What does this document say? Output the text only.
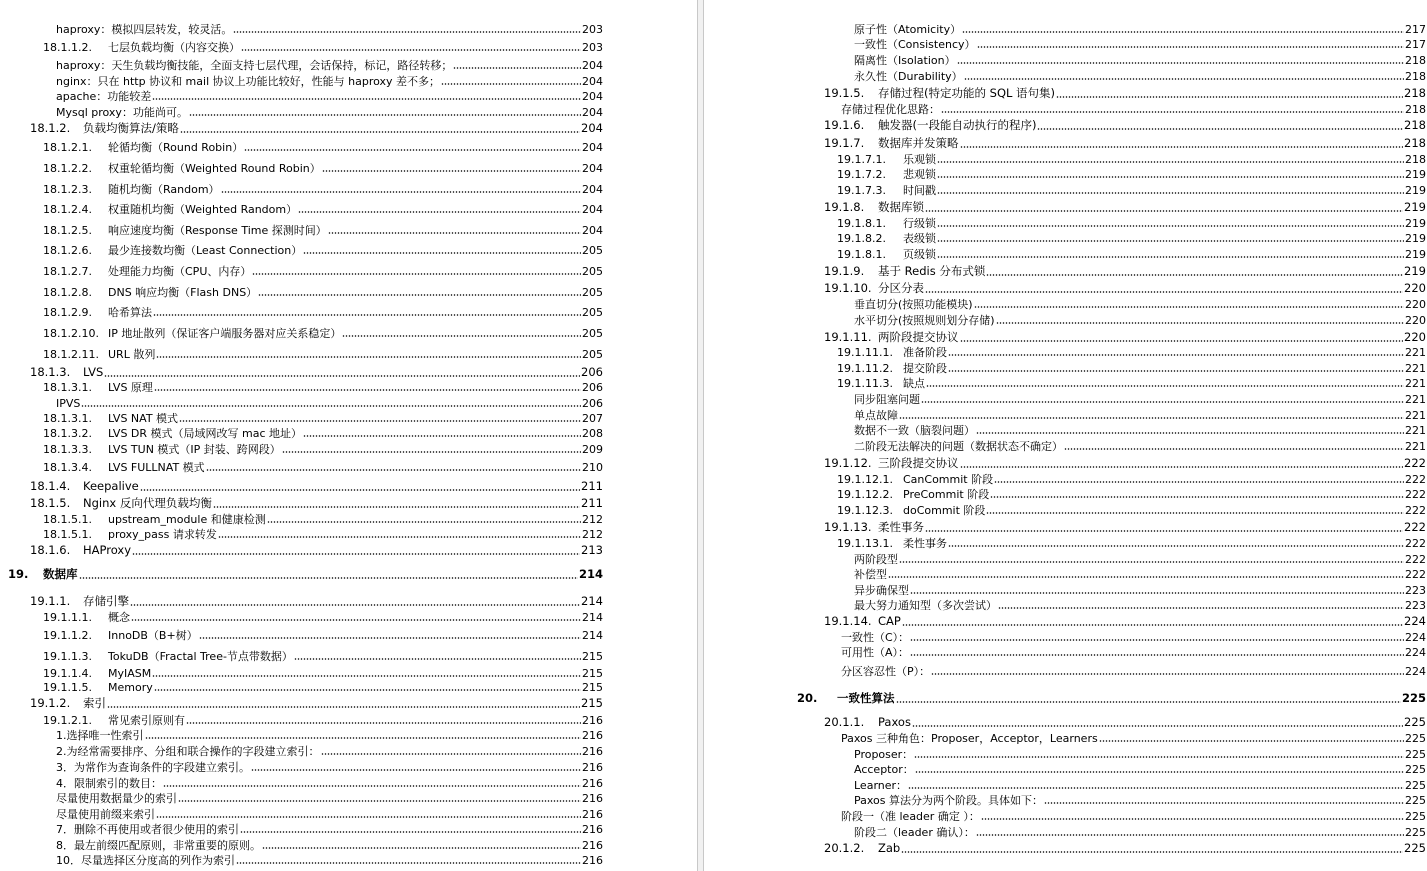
haproxy：模拟四层转发，较灵活。	203
18.1.1.2.	七层负载均衡（内容交换）	203
haproxy：天生负载均衡技能，全面支持七层代理，会话保持，标记，路径转移；	204
nginx：只在 http 协议和 mail 协议上功能比较好，性能与 haproxy 差不多；	204
apache：功能较差	204
Mysql proxy：功能尚可。	204
18.1.2.	负载均衡算法/策略	204
18.1.2.1.	轮循均衡（Round Robin）	204
18.1.2.2.	权重轮循均衡（Weighted Round Robin）	204
18.1.2.3.	随机均衡（Random）	204
18.1.2.4.	权重随机均衡（Weighted Random）	204
18.1.2.5.	响应速度均衡（Response Time 探测时间）	204
18.1.2.6.	最少连接数均衡（Least Connection）	205
18.1.2.7.	处理能力均衡（CPU、内存）	205
18.1.2.8.	DNS 响应均衡（Flash DNS）	205
18.1.2.9.	哈希算法	205
18.1.2.10. IP 地址散列（保证客户端服务器对应关系稳定）	205
18.1.2.11. URL 散列	205
18.1.3.	LVS	206
18.1.3.1.	LVS 原理	206
IPVS	206
18.1.3.1.	LVS NAT 模式	207
18.1.3.2.	LVS DR 模式（局域网改写 mac 地址）	208
18.1.3.3.	LVS TUN 模式（IP 封装、跨网段）	209
18.1.3.4.	LVS FULLNAT 模式	210
18.1.4.	Keepalive	211
18.1.5.	Nginx 反向代理负载均衡	211
18.1.5.1.	upstream_module 和健康检测	212
18.1.5.1.	proxy_pass 请求转发	212
18.1.6.	HAProxy	213
19.	数据库	214
19.1.1.	存储引擎	214
19.1.1.1.	概念	214
19.1.1.2.	InnoDB（B+树）	214
19.1.1.3.	TokuDB（Fractal Tree-节点带数据）	215
19.1.1.4.	MyIASM	215
19.1.1.5.	Memory	215
19.1.2.	索引	215
19.1.2.1.	常见索引原则有	216
1.选择唯一性索引	216
2.为经常需要排序、分组和联合操作的字段建立索引：	216
3．为常作为查询条件的字段建立索引。	216
4．限制索引的数目：	216
尽量使用数据量少的索引	216
尽量使用前缀来索引	216
7．删除不再使用或者很少使用的索引	216
8．最左前缀匹配原则，非常重要的原则。	216
10．尽量选择区分度高的列作为索引	216
原子性（Atomicity）	217
一致性（Consistency）	217
隔离性（Isolation）	218
永久性（Durability）	218
19.1.5.	存储过程(特定功能的 SQL 语句集)	218
存储过程优化思路：	218
19.1.6.	触发器(一段能自动执行的程序)	218
19.1.7.	数据库并发策略	218
19.1.7.1.	乐观锁	218
19.1.7.2.	悲观锁	219
19.1.7.3.	时间戳	219
19.1.8.	数据库锁	219
19.1.8.1.	行级锁	219
19.1.8.2.	表级锁	219
19.1.8.1.	页级锁	219
19.1.9.	基于 Redis 分布式锁	219
19.1.10. 分区分表	220
垂直切分(按照功能模块)	220
水平切分(按照规则划分存储)	220
19.1.11. 两阶段提交协议	220
19.1.11.1. 准备阶段	221
19.1.11.2. 提交阶段	221
19.1.11.3. 缺点	221
同步阻塞问题	221
单点故障	221
数据不一致（脑裂问题）	221
二阶段无法解决的问题（数据状态不确定）	221
19.1.12. 三阶段提交协议	222
19.1.12.1. CanCommit 阶段	222
19.1.12.2. PreCommit 阶段	222
19.1.12.3. doCommit 阶段	222
19.1.13. 柔性事务	222
19.1.13.1. 柔性事务	222
两阶段型	222
补偿型	222
异步确保型	223
最大努力通知型（多次尝试）	223
19.1.14. CAP	224
一致性（C）：	224
可用性（A）：	224
分区容忍性（P）：	224
20.	一致性算法	225
20.1.1.	Paxos	225
Paxos 三种角色：Proposer，Acceptor，Learners	225
Proposer：	225
Acceptor：	225
Learner：	225
Paxos 算法分为两个阶段。具体如下：	225
阶段一（准 leader 确定 ）：	225
阶段二（leader 确认）：	225
20.1.2.	Zab	225
